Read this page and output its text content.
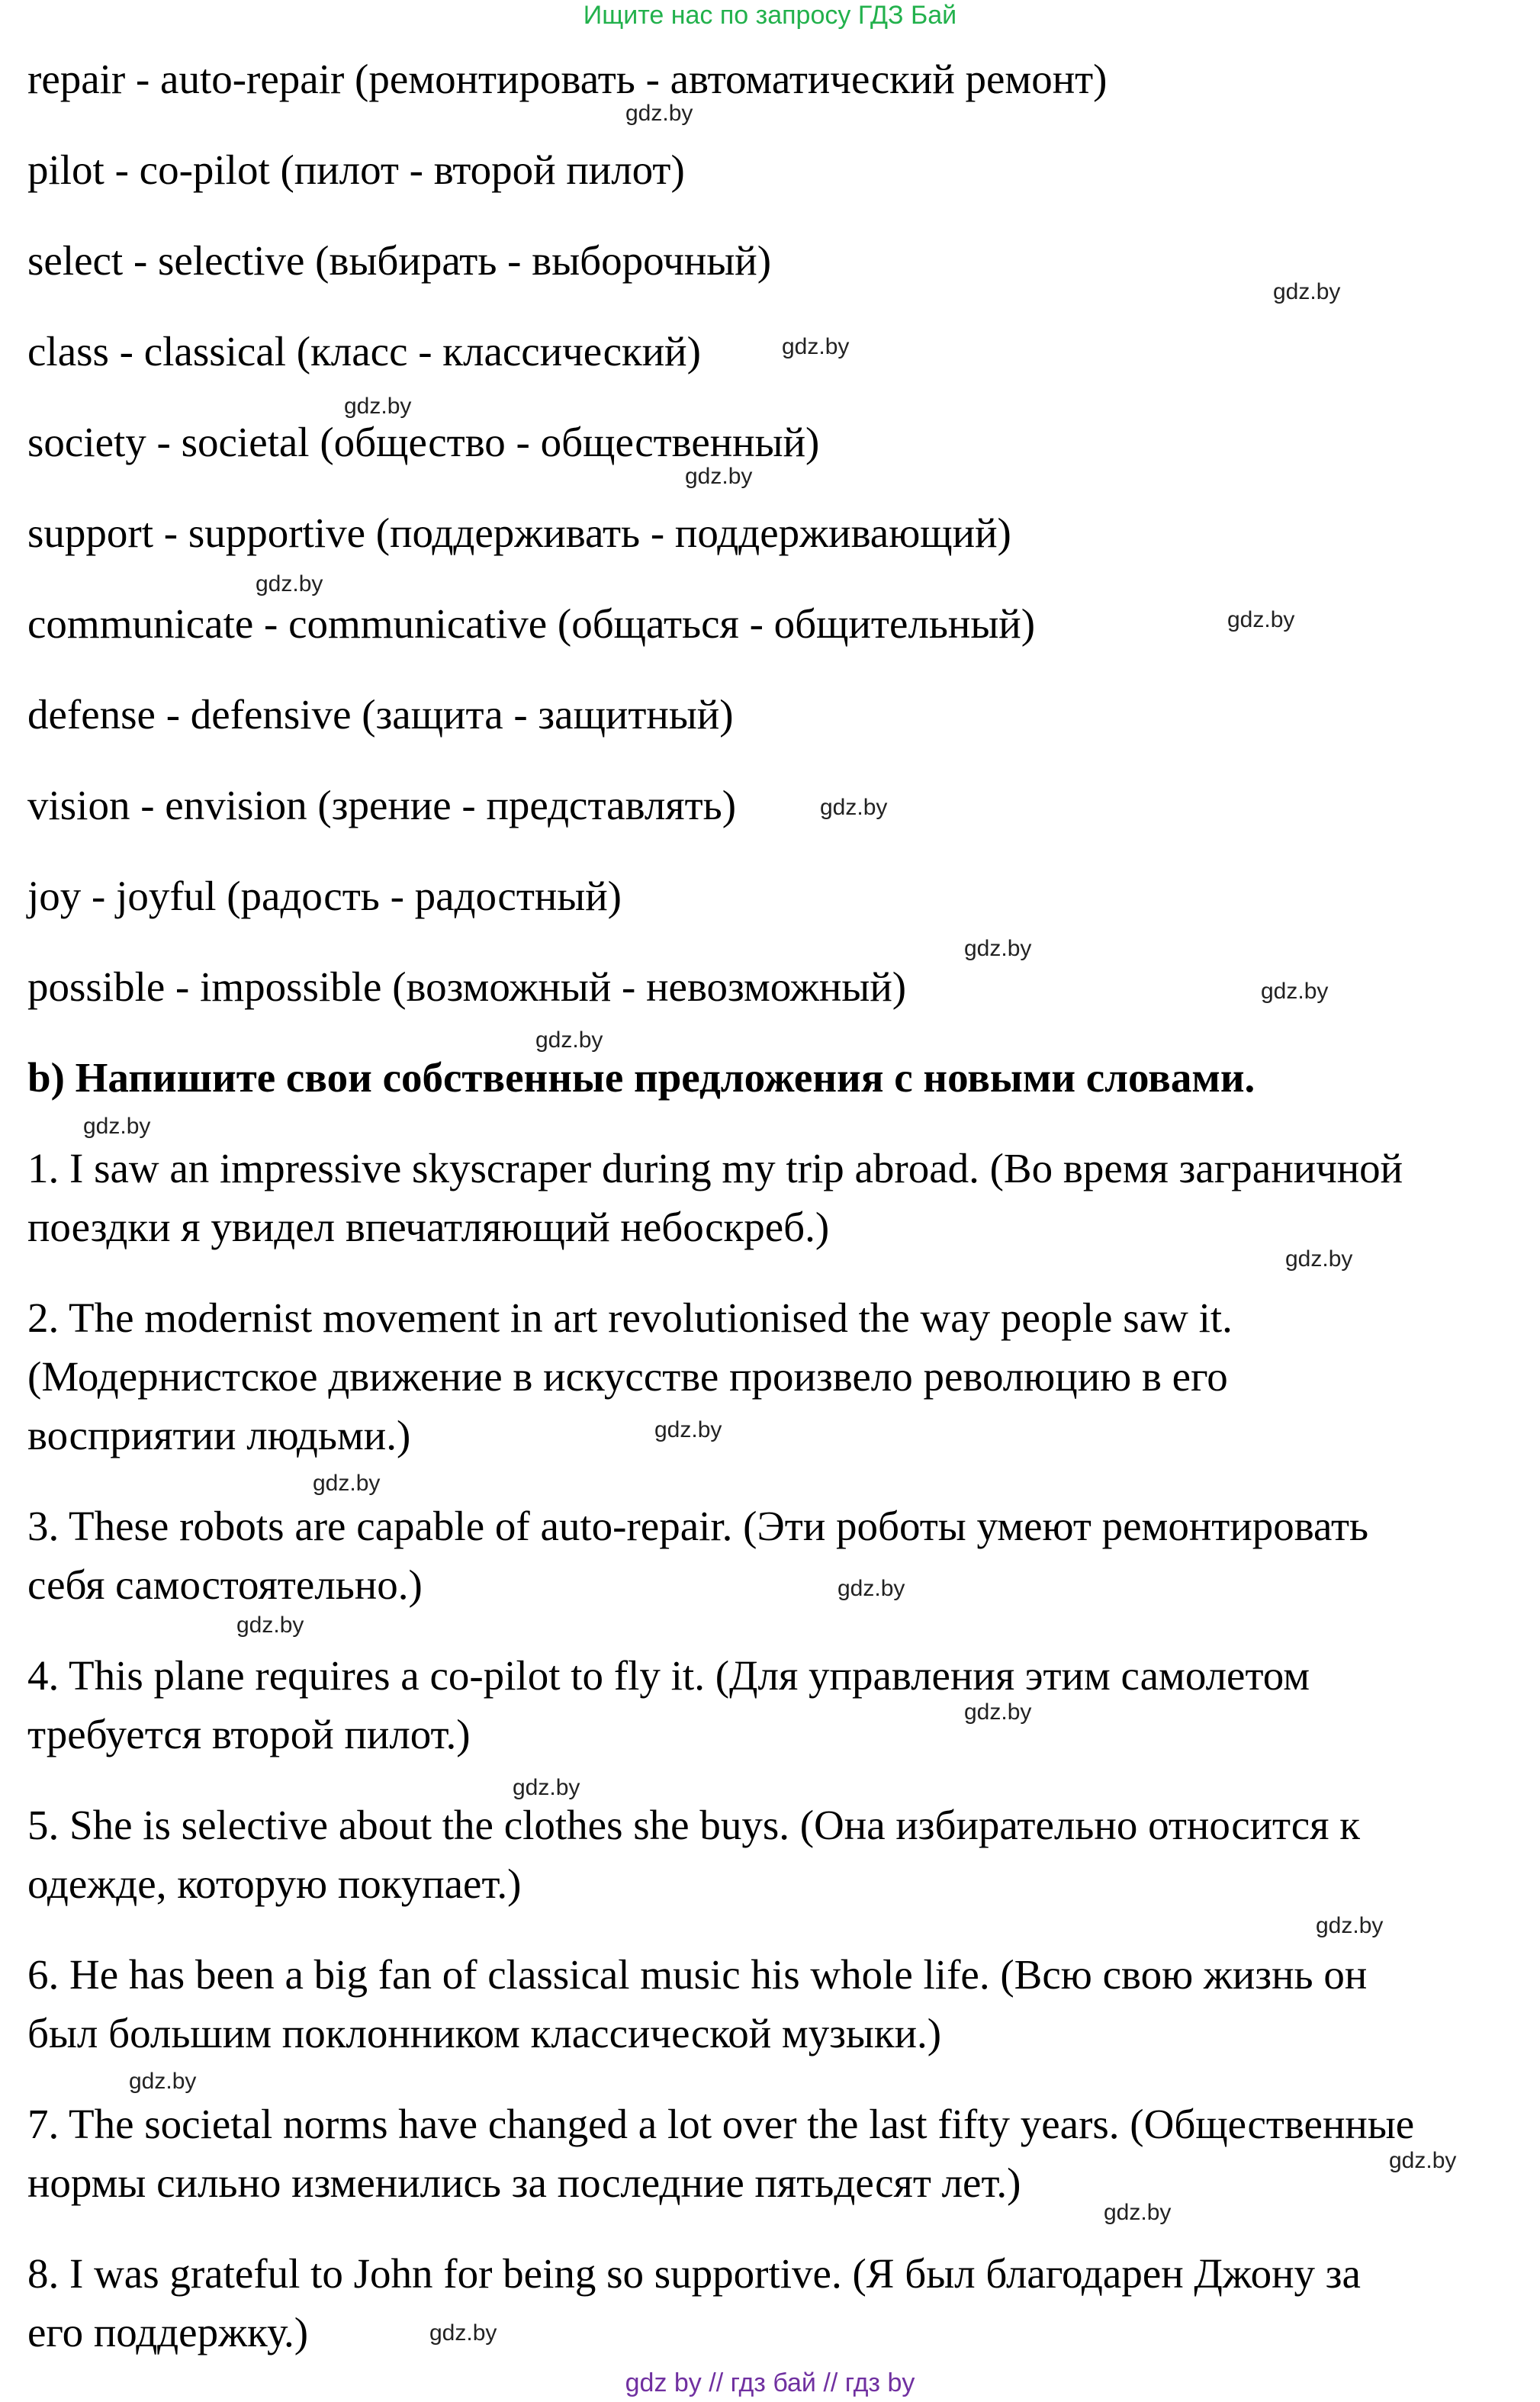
Ищите нас по запросу ГДЗ Бай
repair - auto-repair (ремонтировать - автоматический ремонт)
pilot - co-pilot (пилот - второй пилот)
select - selective (выбирать - выборочный)
class - classical (класс - классический)
society - societal (общество - общественный)
support - supportive (поддерживать - поддерживающий)
communicate - communicative (общаться - общительный)
defense - defensive (защита - защитный)
vision - envision (зрение - представлять)
joy - joyful (радость - радостный)
possible - impossible (возможный - невозможный)
b) Напишите свои собственные предложения с новыми словами.
1. I saw an impressive skyscraper during my trip abroad. (Во время заграничной
поездки я увидел впечатляющий небоскреб.)
2. The modernist movement in art revolutionised the way people saw it.
(Модернистское движение в искусстве произвело революцию в его
восприятии людьми.)
3. These robots are capable of auto-repair. (Эти роботы умеют ремонтировать
себя самостоятельно.)
4. This plane requires a co-pilot to fly it. (Для управления этим самолетом
требуется второй пилот.)
5. She is selective about the clothes she buys. (Она избирательно относится к
одежде, которую покупает.)
6. He has been a big fan of classical music his whole life. (Всю свою жизнь он
был большим поклонником классической музыки.)
7. The societal norms have changed a lot over the last fifty years. (Общественные
нормы сильно изменились за последние пятьдесят лет.)
8. I was grateful to John for being so supportive. (Я был благодарен Джону за
его поддержку.)
gdz.by
gdz.by
gdz.by
gdz.by
gdz.by
gdz.by
gdz.by
gdz.by
gdz.by
gdz.by
gdz.by
gdz.by
gdz.by
gdz.by
gdz.by
gdz.by
gdz.by
gdz.by
gdz.by
gdz.by
gdz.by
gdz.by
gdz.by
gdz.by
gdz by // гдз бай // гдз by
